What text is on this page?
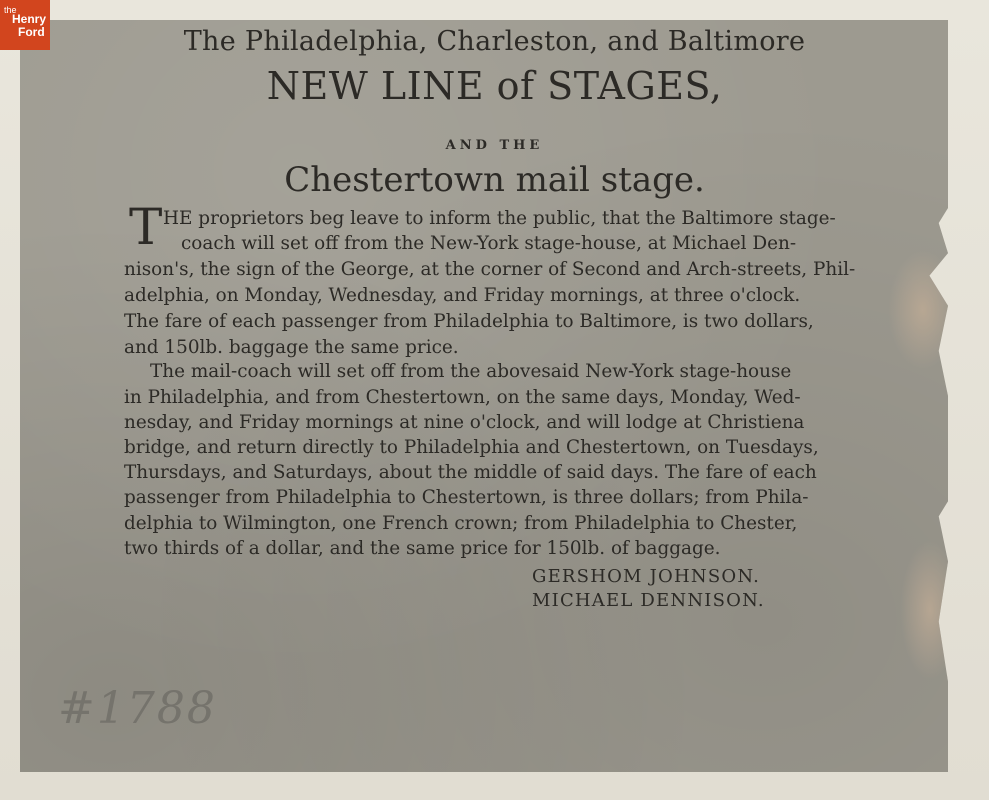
the
Henry
Ford	The Philadelphia, Charleston, and Baltimore
NEW LINE of STAGES,
AND THE
Chestertown mail stage.
T HE proprietors beg leave to inform the public, that the Baltimore stage-
coach will set off from the New-York stage-house, at Michael Den-
nison's, the sign of the George, at the corner of Second and Arch-streets, Phil-
adelphia, on Monday, Wednesday, and Friday mornings, at three o'clock.
The fare of each passenger from Philadelphia to Baltimore, is two dollars,
and 150lb. baggage the same price.
The mail-coach will set off from the abovesaid New-York stage-house
in Philadelphia, and from Chestertown, on the same days, Monday, Wed-
nesday, and Friday mornings at nine o'clock, and will lodge at Christiena
bridge, and return directly to Philadelphia and Chestertown, on Tuesdays,
Thursdays, and Saturdays, about the middle of said days. The fare of each
passenger from Philadelphia to Chestertown, is three dollars; from Phila-
delphia to Wilmington, one French crown; from Philadelphia to Chester,
two thirds of a dollar, and the same price for 150lb. of baggage.
GERSHOM JOHNSON.
MICHAEL DENNISON.
#1788
